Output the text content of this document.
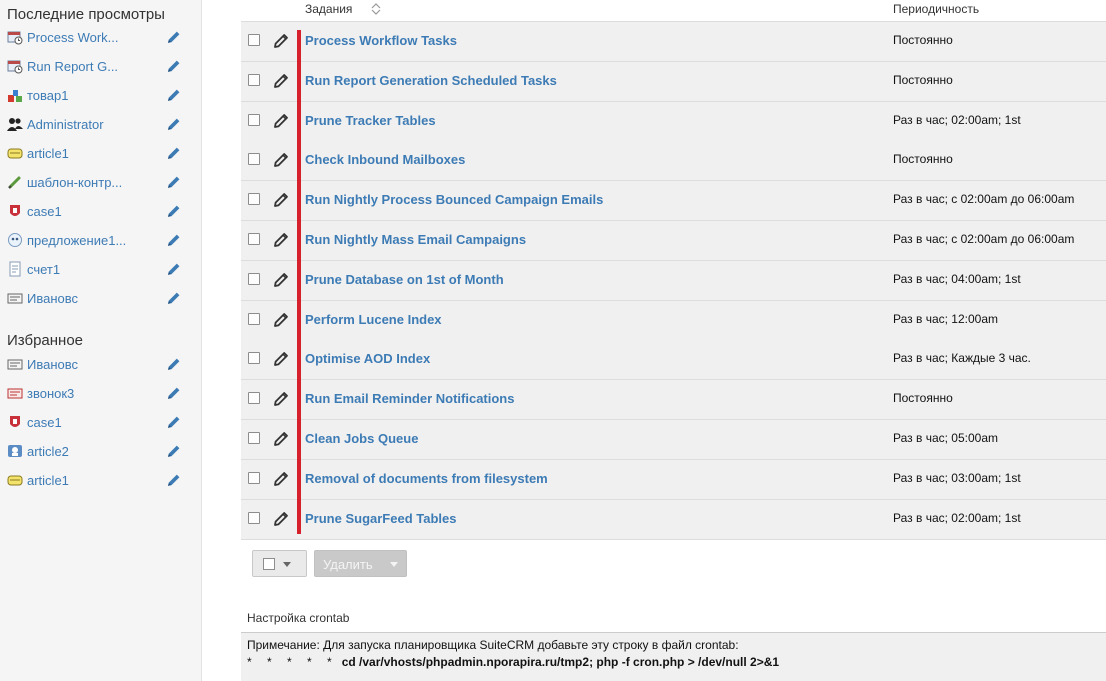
Последние просмотры
Process Work...
Run Report G...
товар1
Administrator
article1
шаблон-контр...
case1
предложение1...
счет1
Ивановс
Избранное
Ивановс
звонок3
case1
article2
article1
Задания	Периодичность
Process Workflow Tasks	Постоянно
Run Report Generation Scheduled Tasks	Постоянно
Prune Tracker Tables	Раз в час; 02:00am; 1st
Check Inbound Mailboxes	Постоянно
Run Nightly Process Bounced Campaign Emails	Раз в час; с 02:00am до 06:00am
Run Nightly Mass Email Campaigns	Раз в час; с 02:00am до 06:00am
Prune Database on 1st of Month	Раз в час; 04:00am; 1st
Perform Lucene Index	Раз в час; 12:00am
Optimise AOD Index	Раз в час; Каждые 3 час.
Run Email Reminder Notifications	Постоянно
Clean Jobs Queue	Раз в час; 05:00am
Removal of documents from filesystem	Раз в час; 03:00am; 1st
Prune SugarFeed Tables	Раз в час; 02:00am; 1st
Удалить
Настройка crontab
Примечание: Для запуска планировщика SuiteCRM добавьте эту строку в файл crontab:
* * * * * cd /var/vhosts/phpadmin.nporapira.ru/tmp2; php -f cron.php > /dev/null 2>&1
